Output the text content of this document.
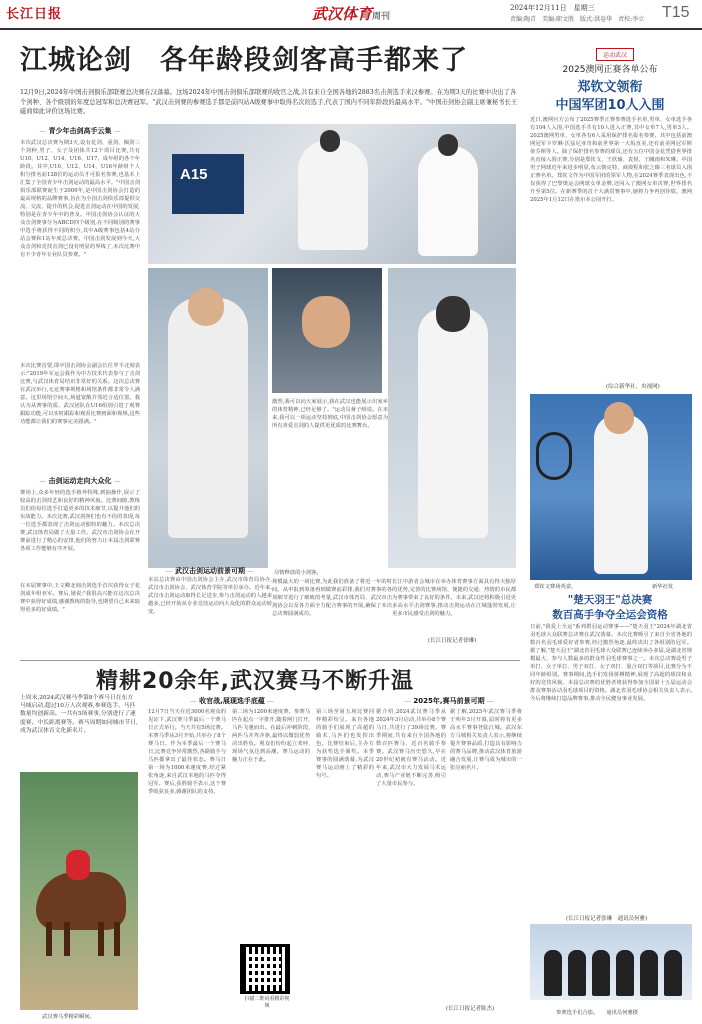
长江日报	武汉体育周刊
2024年12月11日　星期三
责编:陶青　美编:职文胜　版式:洪卷华　责校:李立 T15
江城论剑　各年龄段剑客高手都来了
12月9日,2024年中国击剑俱乐部联赛总决赛在汉落幕。这场2024年中国击剑俱乐部联赛的收官之战,共有来自全国各地的2883名击剑选手来汉参赛。在为期3天的比赛中决出了各个剑种、各个级别的年度总冠军和总决赛冠军。"武汉击剑赛的参赛选手都是前四站A级赛事中取得名次的选手,代表了国内不同年龄段的最高水平。"中国击剑协会副主席兼秘书长王磁商如此评价这场比赛。
— 青少年击剑高手云集 —
本次武汉总决赛为期3天,设有花剑、重剑、佩剑三个剑种,男子、女子及团体共12个项目比赛,共有U10、U12、U14、U16、U17、成年组的各个年龄段。其中,U10、U12、U14、U16年龄组个人积分排名前128位的运动员才可报名参赛,也基本上汇集了全国青少年击剑运动的最高水平。"中国击剑俱乐部联赛诞生于2009年,是中国击剑协会打造的最高规格的品牌赛事,旨在为全国击剑俱乐部提供交流、交流、提升的机会,促进击剑运动在中国的发展,特别是在青少年中的普及。中国击剑协会认证的大众击剑赛事分为ABCD四个级别,在不同级别的赛事中选手将获得不同的积分,其中A级赛事包括4站分站会赛和1站年度总决赛。中国击剑发展到今天,大众击剑和竞技击剑已没有明显的界线了,本次比赛中有不少青年专业队员参赛。"
本次比赛首要,即中国击剑协会副会长任罗平北刻表示:"2019年军运会我作为中方技术代表参与了击剑比赛,与武汉体育局结识非常好的关系。这次总决赛在武汉举行,无论赛事规格和场馆条件都非常令人满意。这里场馆空间大,场道宽敞并邻近合适位置。我认为从赛事的质、武汉团队在U16组别引进了观赛跟踪功能,可以实时跟踪和观看比赛画面和视频,这些功能都让我们的赛事完美圆满。"
— 击剑运动走向大众化 —
赛场上,众多年轻的选手格外特殊,到抽操作,展示了较高的击剑技艺和良好的精神风貌。比赛间隙,教练员们给每位选手打造更多的技术细节,以提升他们的实战能力。本次比赛,武汉剑客们也有不俗的表现,每一位选手都表现了击剑运动独特的魅力。本次总决赛,武汉体育局做了大量工作。武汉市击剑协会在开赛前进行了精心的安排,他们的努力让本届击剑联赛各项工作能够有序开展。
在本届赛事中,王文卿北刻击剑选手首次获得女子花剑成年组亚军。赛后,她说:"我很高兴能在这次总决赛中获得好成绩,感谢教练的指导,也期望自己未来取得更多的好成绩。"
A15
尽情释放的小剑客。
激烈,我可以向大家展示,我在武汉也能展示出家乡的体育精神,已经足够了。"运动员蒋子岐说。在未来,我可以一项运动坚持到底,中国击剑协会愿意为所有喜爱击剑的人提供更优质的比赛舞台。
— 武汉击剑运动前景可期 —
本站总决赛由中国击剑协会主办,武汉市体育局协办,武汉市击剑协会、武汉体育学院等单位承办。近年来,武汉市击剑运动取得长足进步,参与击剑运动的人越来越多,已经开始从专业竞技运动向大众化的群众运动转变。
规模最大的一场比赛,为此我们准备了将近一年的时间。从申报到筹备再到做赛前彩排,我们对赛事的各项细节进行了细致的考量,武汉市体育局、武汉市击剑协会以及各方面全力配合赛事的开展,确保了本次总决赛圆满成功。
长江中游省会城市在举办体育赛事方面具有得天独厚的优势,完善的比赛场馆、便捷的交通、热情的市民都为赛事带来了良好的条件。未来,武汉还将积极引进更多高水平击剑赛事,推动击剑运动在江城蓬勃发展,让更多市民感受击剑的魅力。
(长江日报记者徐琳)
运动武汉
2025澳网正赛各单公布
郑钦文领衔
中国军团10人入围
近日,澳网官方公布了2025赛季正赛参赛选手名单,男单、女单选手各有104人入围,中国选手共有10人进入正赛,其中女单7人,男单3人。2025澳网男单、女单各有6人采用保护排名报名参赛。其中包括前澳网冠军卡罗琳·沃兹尼亚奇和前世界第一大坂直美,还有前美网冠军斯蒂芬斯等人。除了保护排名参赛的球员,还有五位中国金花凭借世界排名直接入围正赛,分别是郑钦文、王欣瑜、袁悦、王曦雨和朱琳。中国男子网球近年来进步明显,布云朝克特、商竣程和张之臻三名球员入围正赛名单。郑钦文作为中国军团的领军人物,在2024赛季表现出色,不仅获得了巴黎奥运会网球女单金牌,还闯入了澳网女单决赛,世界排名升至第5位。在新赛季的首个大满贯赛事中,她将力争再创佳绩。澳网2025年1月12日在墨尔本公园开打。
(综合新华社、央视网)
郑钦文赛场英姿。	新华社发
"楚天羽王"总决赛
数百高手争夺全运会资格
日前,"我爱上全运"系列群羽运动赛事——"楚天羽王"2024年湖北省羽毛球大众联赛总决赛在武汉落幕。本次比赛吸引了来自全省各地的数百名羽毛球爱好者参赛,经过激烈角逐,最终决出了各组别的冠军。据了解,"楚天羽王"湖北省羽毛球大众联赛已连续举办多届,是湖北省规模最大、参与人数最多的群众性羽毛球赛事之一。本次总决赛设男子单打、女子单打、男子双打、女子双打、混合双打等项目,比赛分为不同年龄组别。赛事期间,选手们发扬拼搏精神,展现了高超的球技和良好的竞技风貌。本届总决赛的优胜者将获得参加全国第十五届运动会群众赛事活动羽毛球项目的资格。湖北省羽毛球协会相关负责人表示,今后将继续打造品牌赛事,推动全民健身事业发展。
(长江日报记者张琳　通讯员何雅)
参赛选手们合影。　　通讯员何雅摄
精耕20余年,武汉赛马不断升温
上周末,2024武汉赛马季第8个赛马日在东方马城启动,超过10万人次观赛,参赛选手、马匹数量均创新高。一共有5场赛事,分别进行了速度赛、中长距离赛等。赛马周期如同城市节日,成为武汉体育文化新名片。
武汉赛马季精彩瞬间。
— 收官战,展现选手底蕴 —
12月7日当天在近3000名观众的见证下,武汉赛马季最后一个赛马日正式举行。当天共有5场比赛。本赛马季从3月开始,共举办了8个赛马日。作为本季最后一个赛马日,比赛竞争异常激烈,各路骑手与马匹都拿出了最佳状态。赛马日第一场为1000米速度赛,经过紧张角逐,来自武汉本地的马匹夺得冠军。赛后,获胜骑手表示,这个赛季收获良多,感谢团队的支持。
第二场为1200米速度赛。参赛马匹在起点一字排开,随着闸门打开,马匹飞驰而出。在最后冲刺阶段,两匹马并驾齐驱,最终以微弱优势决出胜负。观众们纷纷起立欢呼,现场气氛达到高潮。赛马运动的魅力正在于此。
扫描二维码看精彩视频
第三场至第五场比赛同样精彩纷呈。来自各地的骑手们展现了高超的骑术,马匹们也发挥出色。比赛结束后,主办方为获奖选手颁奖。本季赛事的圆满落幕,为武汉赛马运动画上了精彩的句号。
— 2025年,赛马前景可期 —
据介绍,2024武汉赛马季从2024年3月启动,共举办8个赛马日,共进行了39场比赛。赛季期间,共有来自全国各地的数百匹赛马、近百名骑手参赛。武汉赛马历史悠久,早在20世纪初就有赛马活动。近年来,武汉市大力发展马术运动,赛马产业链不断完善,吸引了大量市民参与。
据了解,2025年武汉赛马季将于明年3月开幕,届时将有更多高水平赛事登陆江城。武汉东方马城相关负责人表示,将继续提升赛事品质,打造具有影响力的赛马品牌,推动武汉体育旅游融合发展,让赛马成为城市的一张亮丽名片。
(长江日报记者陈杰)
